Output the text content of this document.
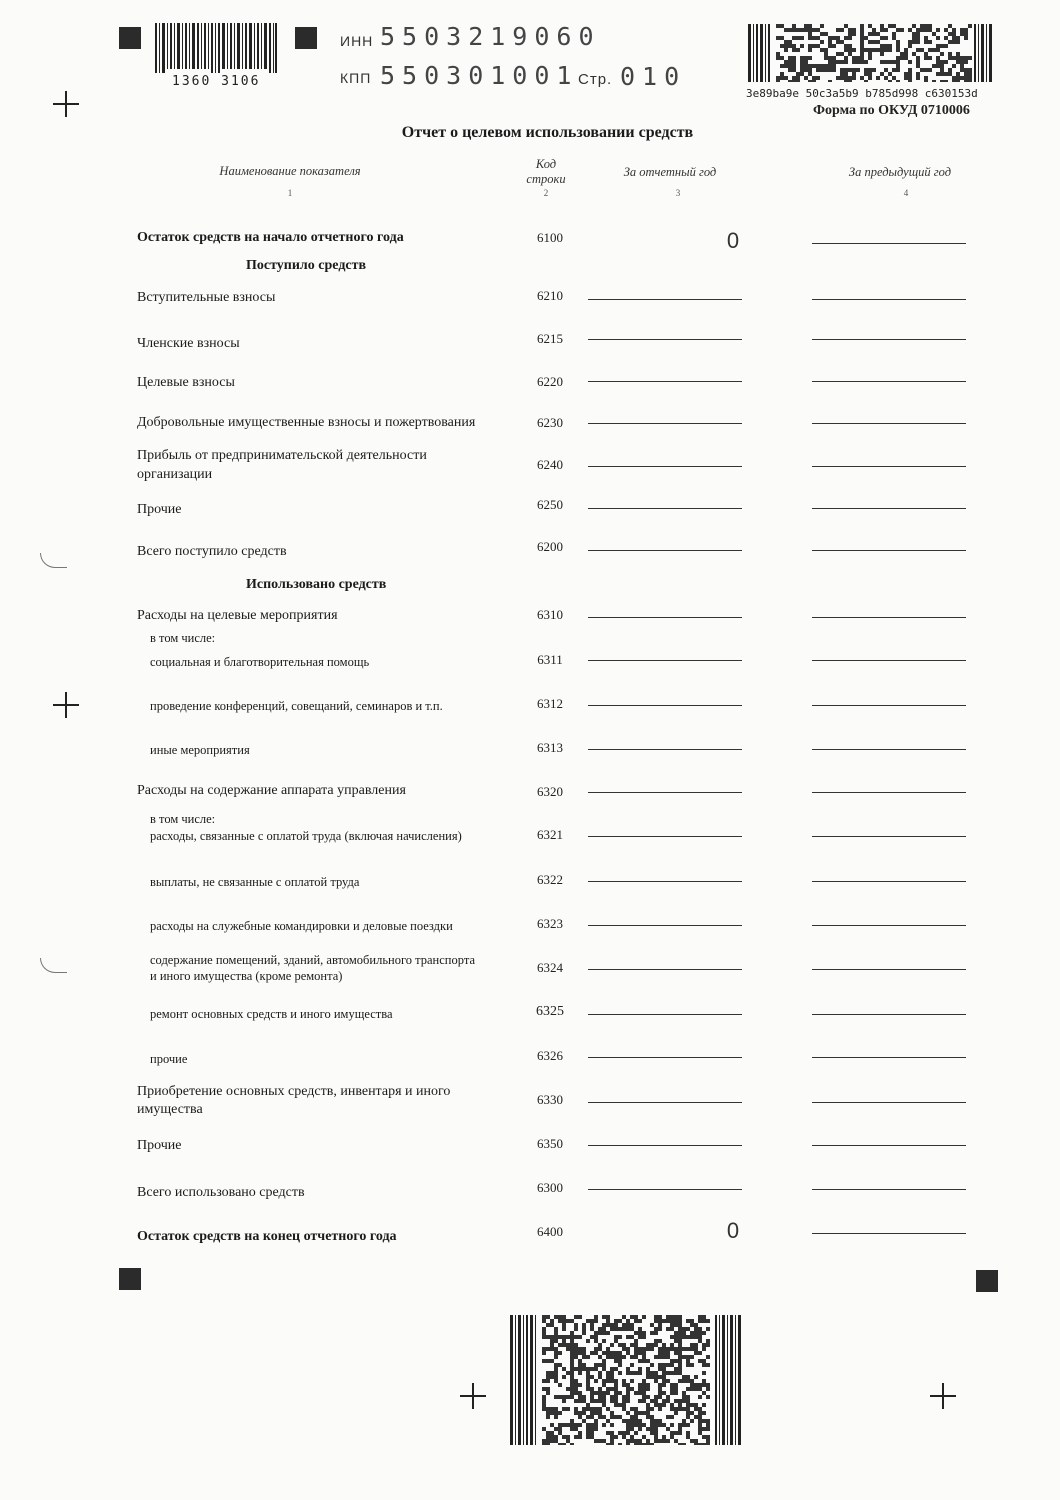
1360 3106
ИНН 5503219060
КПП 550301001 Стр. 010
3e89ba9e 50c3a5b9 b785d998 c630153d
Форма по ОКУД 0710006
Отчет о целевом использовании средств
Наименование показателя
1
Код строки
2
За отчетный год
3
За предыдущий год
4
Поступило средств
Использовано средств
Остаток средств на начало отчетного года	6100	0
Вступительные взносы	6210
Членские взносы	6215
Целевые взносы	6220
Добровольные имущественные взносы и пожертвования	6230
Прибыль от предпринимательской деятельности
организации
6240
Прочие	6250
Всего поступило средств	6200
Расходы на целевые мероприятия	6310
в том числе:
социальная и благотворительная помощь	6311
проведение конференций, совещаний, семинаров и т.п.	6312
иные мероприятия	6313
Расходы на содержание аппарата управления	6320
в том числе:
расходы, связанные с оплатой труда (включая начисления)	6321
выплаты, не связанные с оплатой труда	6322
расходы на служебные командировки и деловые поездки	6323
содержание помещений, зданий, автомобильного транспорта
и иного имущества (кроме ремонта)
6324
ремонт основных средств и иного имущества	6325
прочие	6326
Приобретение основных средств, инвентаря и иного
имущества
6330
Прочие	6350
Всего использовано средств	6300
Остаток средств на конец отчетного года	6400	0
